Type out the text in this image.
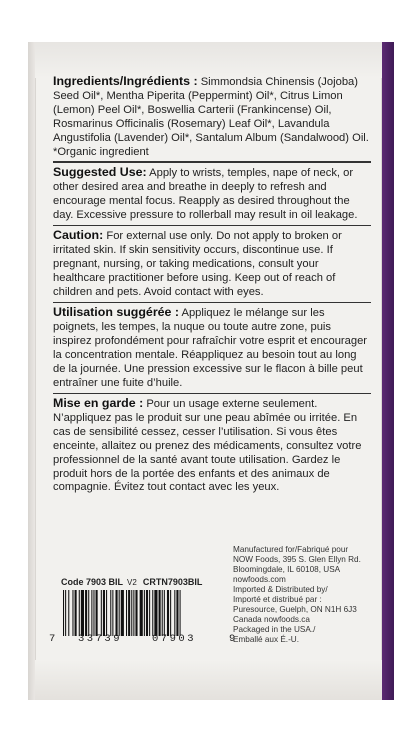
Ingredients/Ingrédients : Simmondsia Chinensis (Jojoba) Seed Oil*, Mentha Piperita (Peppermint) Oil*, Citrus Limon (Lemon) Peel Oil*, Boswellia Carterii (Frankincense) Oil, Rosmarinus Officinalis (Rosemary) Leaf Oil*, Lavandula Angustifolia (Lavender) Oil*, Santalum Album (Sandalwood) Oil. *Organic ingredient

Suggested Use: Apply to wrists, temples, nape of neck, or other desired area and breathe in deeply to refresh and encourage mental focus. Reapply as desired throughout the day. Excessive pressure to rollerball may result in oil leakage.

Caution: For external use only. Do not apply to broken or irritated skin. If skin sensitivity occurs, discontinue use. If pregnant, nursing, or taking medications, consult your healthcare practitioner before using. Keep out of reach of children and pets. Avoid contact with eyes.

Utilisation suggérée : Appliquez le mélange sur les poignets, les tempes, la nuque ou toute autre zone, puis inspirez profondément pour rafraîchir votre esprit et encourager la concentration mentale. Réappliquez au besoin tout au long de la journée. Une pression excessive sur le flacon à bille peut entraîner une fuite d’huile.

Mise en garde : Pour un usage externe seulement. N’appliquez pas le produit sur une peau abîmée ou irritée. En cas de sensibilité cessez, cesser l’utilisation. Si vous êtes enceinte, allaitez ou prenez des médicaments, consultez votre professionnel de la santé avant toute utilisation. Gardez le produit hors de la portée des enfants et des animaux de compagnie. Évitez tout contact avec les yeux.

Code 7903 BIL V2 CRTN7903BIL
7 33739	07903	9
Manufactured for/Fabriqué pour
NOW Foods, 395 S. Glen Ellyn Rd.
Bloomingdale, IL 60108, USA
nowfoods.com
Imported & Distributed by/
Importé et distribué par :
Puresource, Guelph, ON N1H 6J3
Canada nowfoods.ca
Packaged in the USA./
Emballé aux É.-U.
